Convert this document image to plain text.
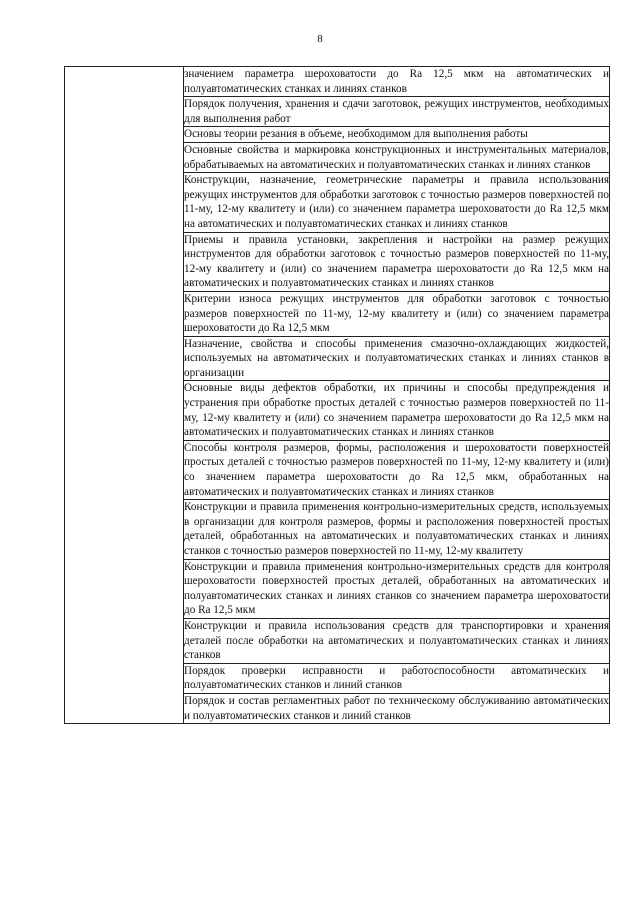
8
	значением параметра шероховатости до Ra 12,5 мкм на автоматических и полуавтоматических станках и линиях станков
Порядок получения, хранения и сдачи заготовок, режущих инструментов, необходимых для выполнения работ
Основы теории резания в объеме, необходимом для выполнения работы
Основные свойства и маркировка конструкционных и инструментальных материалов, обрабатываемых на автоматических и полуавтоматических станках и линиях станков
Конструкции, назначение, геометрические параметры и правила использования режущих инструментов для обработки заготовок с точностью размеров поверхностей по 11-му, 12-му квалитету и (или) со значением параметра шероховатости до Ra 12,5 мкм на автоматических и полуавтоматических станках и линиях станков
Приемы и правила установки, закрепления и настройки на размер режущих инструментов для обработки заготовок с точностью размеров поверхностей по 11-му, 12-му квалитету и (или) со значением параметра шероховатости до Ra 12,5 мкм на автоматических и полуавтоматических станках и линиях станков
Критерии износа режущих инструментов для обработки заготовок с точностью размеров поверхностей по 11-му, 12-му квалитету и (или) со значением параметра шероховатости до Ra 12,5 мкм
Назначение, свойства и способы применения смазочно-охлаждающих жидкостей, используемых на автоматических и полуавтоматических станках и линиях станков в организации
Основные виды дефектов обработки, их причины и способы предупреждения и устранения при обработке простых деталей с точностью размеров поверхностей по 11-му, 12-му квалитету и (или) со значением параметра шероховатости до Ra 12,5 мкм на автоматических и полуавтоматических станках и линиях станков
Способы контроля размеров, формы, расположения и шероховатости поверхностей простых деталей с точностью размеров поверхностей по 11-му, 12-му квалитету и (или) со значением параметра шероховатости до Ra 12,5 мкм, обработанных на автоматических и полуавтоматических станках и линиях станков
Конструкции и правила применения контрольно-измерительных средств, используемых в организации для контроля размеров, формы и расположения поверхностей простых деталей, обработанных на автоматических и полуавтоматических станках и линиях станков с точностью размеров поверхностей по 11-му, 12-му квалитету
Конструкции и правила применения контрольно-измерительных средств для контроля шероховатости поверхностей простых деталей, обработанных на автоматических и полуавтоматических станках и линиях станков со значением параметра шероховатости до Ra 12,5 мкм
Конструкции и правила использования средств для транспортировки и хранения деталей после обработки на автоматических и полуавтоматических станках и линиях станков
Порядок проверки исправности и работоспособности автоматических и полуавтоматических станков и линий станков
Порядок и состав регламентных работ по техническому обслуживанию автоматических и полуавтоматических станков и линий станков
